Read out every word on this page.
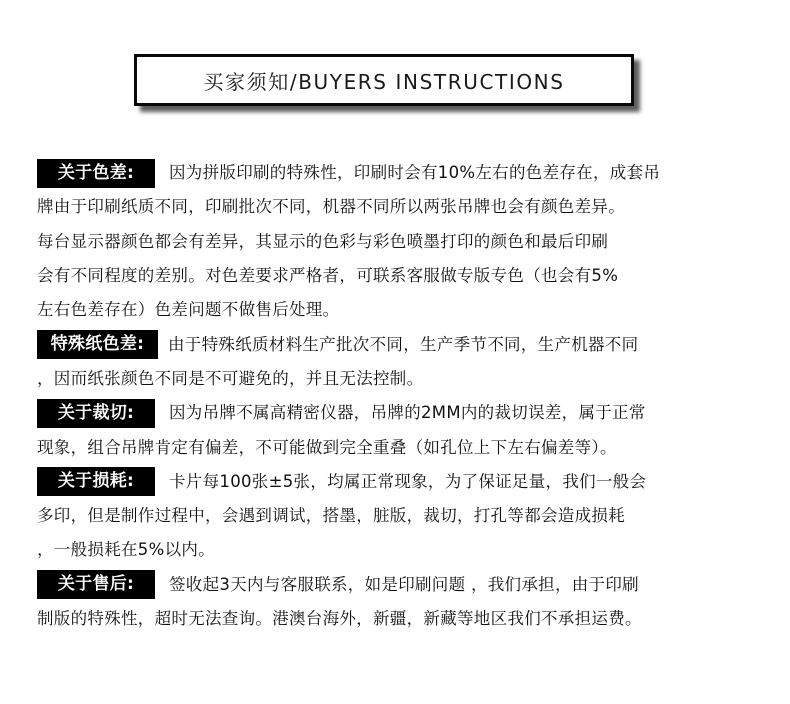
买家须知/BUYERS INSTRUCTIONS
关于色差:	因为拼版印刷的特殊性，印刷时会有10%左右的色差存在，成套吊
牌由于印刷纸质不同，印刷批次不同，机器不同所以两张吊牌也会有颜色差异。
每台显示器颜色都会有差异，其显示的色彩与彩色喷墨打印的颜色和最后印刷
会有不同程度的差别。对色差要求严格者，可联系客服做专版专色（也会有5%
左右色差存在）色差问题不做售后处理。
特殊纸色差:	由于特殊纸质材料生产批次不同，生产季节不同，生产机器不同
，因而纸张颜色不同是不可避免的，并且无法控制。
关于裁切:	因为吊牌不属高精密仪器，吊牌的2MM内的裁切误差，属于正常
现象，组合吊牌肯定有偏差，不可能做到完全重叠（如孔位上下左右偏差等）。
关于损耗:	卡片每100张±5张，均属正常现象，为了保证足量，我们一般会
多印，但是制作过程中，会遇到调试，搭墨，脏版，裁切，打孔等都会造成损耗
，一般损耗在5%以内。
关于售后:	签收起3天内与客服联系，如是印刷问题 ，我们承担，由于印刷
制版的特殊性，超时无法查询。港澳台海外，新疆，新藏等地区我们不承担运费。
